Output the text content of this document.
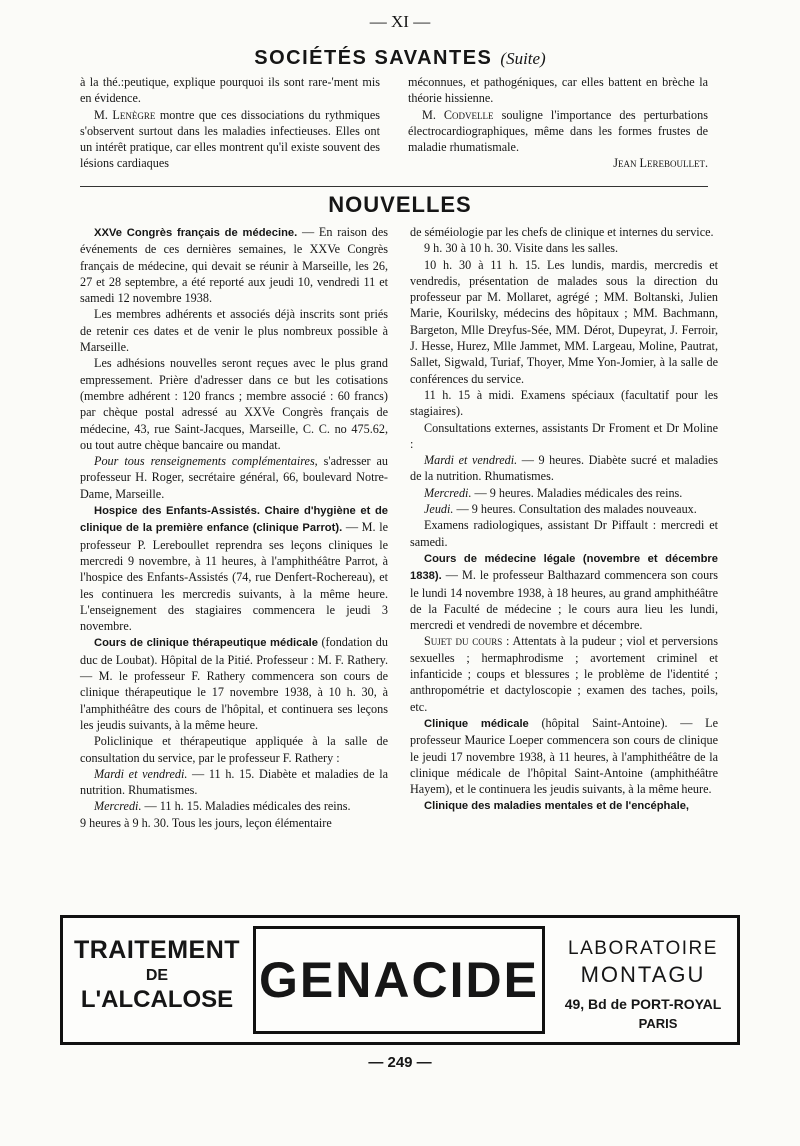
— XI —
SOCIÉTÉS SAVANTES (Suite)

à la thé.:peutique, explique pourquoi ils sont rare-'ment mis en évidence.

M. Lenègre montre que ces dissociations du rythmiques s'observent surtout dans les maladies infectieuses. Elles ont un intérêt pratique, car elles montrent qu'il existe souvent des lésions cardiaques

méconnues, et pathogéniques, car elles battent en brèche la théorie hissienne.

M. Codvelle souligne l'importance des perturbations électrocardiographiques, même dans les formes frustes de maladie rhumatismale.

Jean Lereboullet.

NOUVELLES

XXVe Congrès français de médecine. — En raison des événements de ces dernières semaines, le XXVe Congrès français de médecine, qui devait se réunir à Marseille, les 26, 27 et 28 septembre, a été reporté aux jeudi 10, vendredi 11 et samedi 12 novembre 1938.

Les membres adhérents et associés déjà inscrits sont priés de retenir ces dates et de venir le plus nombreux possible à Marseille.

Les adhésions nouvelles seront reçues avec le plus grand empressement. Prière d'adresser dans ce but les cotisations (membre adhérent : 120 francs ; membre associé : 60 francs) par chèque postal adressé au XXVe Congrès français de médecine, 43, rue Saint-Jacques, Marseille, C. C. no 475.62, ou tout autre chèque bancaire ou mandat.

Pour tous renseignements complémentaires, s'adresser au professeur H. Roger, secrétaire général, 66, boulevard Notre-Dame, Marseille.

Hospice des Enfants-Assistés. Chaire d'hygiène et de clinique de la première enfance (clinique Parrot). — M. le professeur P. Lereboullet reprendra ses leçons cliniques le mercredi 9 novembre, à 11 heures, à l'amphithéâtre Parrot, à l'hospice des Enfants-Assistés (74, rue Denfert-Rochereau), et les continuera les mercredis suivants, à la même heure. L'enseignement des stagiaires commencera le jeudi 3 novembre.

Cours de clinique thérapeutique médicale (fondation du duc de Loubat). Hôpital de la Pitié. Professeur : M. F. Rathery. — M. le professeur F. Rathery commencera son cours de clinique thérapeutique le 17 novembre 1938, à 10 h. 30, à l'amphithéâtre des cours de l'hôpital, et continuera ses leçons les jeudis suivants, à la même heure.

Policlinique et thérapeutique appliquée à la salle de consultation du service, par le professeur F. Rathery :

Mardi et vendredi. — 11 h. 15. Diabète et maladies de la nutrition. Rhumatismes.

Mercredi. — 11 h. 15. Maladies médicales des reins.

9 heures à 9 h. 30. Tous les jours, leçon élémentaire

de séméiologie par les chefs de clinique et internes du service.

9 h. 30 à 10 h. 30. Visite dans les salles.

10 h. 30 à 11 h. 15. Les lundis, mardis, mercredis et vendredis, présentation de malades sous la direction du professeur par M. Mollaret, agrégé ; MM. Boltanski, Julien Marie, Kourilsky, médecins des hôpitaux ; MM. Bachmann, Bargeton, Mlle Dreyfus-Sée, MM. Dérot, Dupeyrat, J. Ferroir, J. Hesse, Hurez, Mlle Jammet, MM. Largeau, Moline, Pautrat, Sallet, Sigwald, Turiaf, Thoyer, Mme Yon-Jomier, à la salle de conférences du service.

11 h. 15 à midi. Examens spéciaux (facultatif pour les stagiaires).

Consultations externes, assistants Dr Froment et Dr Moline :

Mardi et vendredi. — 9 heures. Diabète sucré et maladies de la nutrition. Rhumatismes.

Mercredi. — 9 heures. Maladies médicales des reins.

Jeudi. — 9 heures. Consultation des malades nouveaux.

Examens radiologiques, assistant Dr Piffault : mercredi et samedi.

Cours de médecine légale (novembre et décembre 1838). — M. le professeur Balthazard commencera son cours le lundi 14 novembre 1938, à 18 heures, au grand amphithéâtre de la Faculté de médecine ; le cours aura lieu les lundi, mercredi et vendredi de novembre et décembre.

Sujet du cours : Attentats à la pudeur ; viol et perversions sexuelles ; hermaphrodisme ; avortement criminel et infanticide ; coups et blessures ; le problème de l'identité ; anthropométrie et dactyloscopie ; examen des taches, poils, etc.

Clinique médicale (hôpital Saint-Antoine). — Le professeur Maurice Loeper commencera son cours de clinique le jeudi 17 novembre 1938, à 11 heures, à l'amphithéâtre de la clinique médicale de l'hôpital Saint-Antoine (amphithéâtre Hayem), et le continuera les jeudis suivants, à la même heure.

Clinique des maladies mentales et de l'encéphale,

TRAITEMENT
DE
L'ALCALOSE GENACIDE
LABORATOIRE
MONTAGU
49, Bd de PORT-ROYAL
PARIS
— 249 —
